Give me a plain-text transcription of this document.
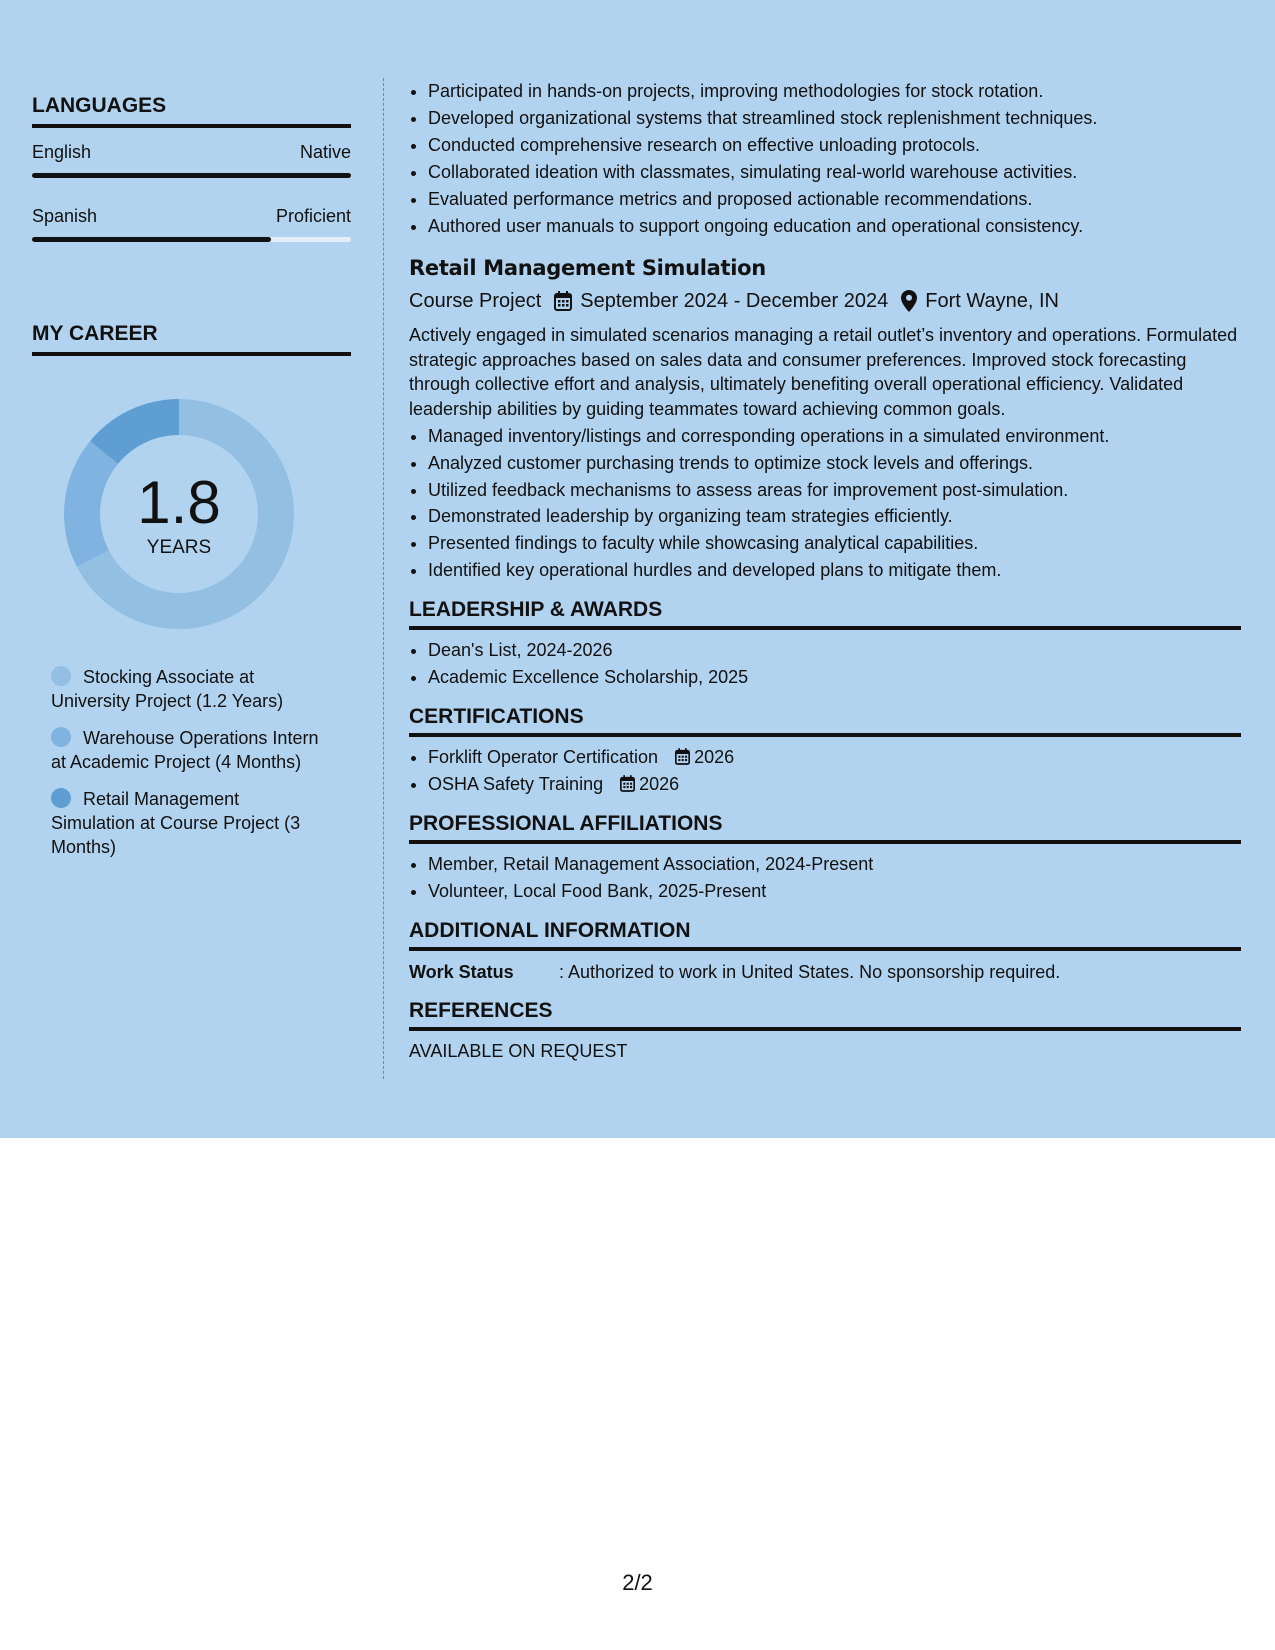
LANGUAGES
English	Native
Spanish	Proficient
MY CAREER
1.8
YEARS
Stocking Associate at University Project (1.2 Years)
Warehouse Operations Intern at Academic Project (4 Months)
Retail Management Simulation at Course Project (3 Months)
• Participated in hands-on projects, improving methodologies for stock rotation.
• Developed organizational systems that streamlined stock replenishment techniques.
• Conducted comprehensive research on effective unloading protocols.
• Collaborated ideation with classmates, simulating real-world warehouse activities.
• Evaluated performance metrics and proposed actionable recommendations.
• Authored user manuals to support ongoing education and operational consistency.
Retail Management Simulation
Course Project September 2024 - December 2024 Fort Wayne, IN
Actively engaged in simulated scenarios managing a retail outlet’s inventory and operations. Formulated strategic approaches based on sales data and consumer preferences. Improved stock forecasting through collective effort and analysis, ultimately benefiting overall operational efficiency. Validated leadership abilities by guiding teammates toward achieving common goals.
• Managed inventory/listings and corresponding operations in a simulated environment.
• Analyzed customer purchasing trends to optimize stock levels and offerings.
• Utilized feedback mechanisms to assess areas for improvement post-simulation.
• Demonstrated leadership by organizing team strategies efficiently.
• Presented findings to faculty while showcasing analytical capabilities.
• Identified key operational hurdles and developed plans to mitigate them.
LEADERSHIP & AWARDS
• Dean's List, 2024-2026
• Academic Excellence Scholarship, 2025
CERTIFICATIONS
• Forklift Operator Certification 2026
• OSHA Safety Training 2026
PROFESSIONAL AFFILIATIONS
• Member, Retail Management Association, 2024-Present
• Volunteer, Local Food Bank, 2025-Present
ADDITIONAL INFORMATION
Work Status	: Authorized to work in United States. No sponsorship required.
REFERENCES
AVAILABLE ON REQUEST
2/2
